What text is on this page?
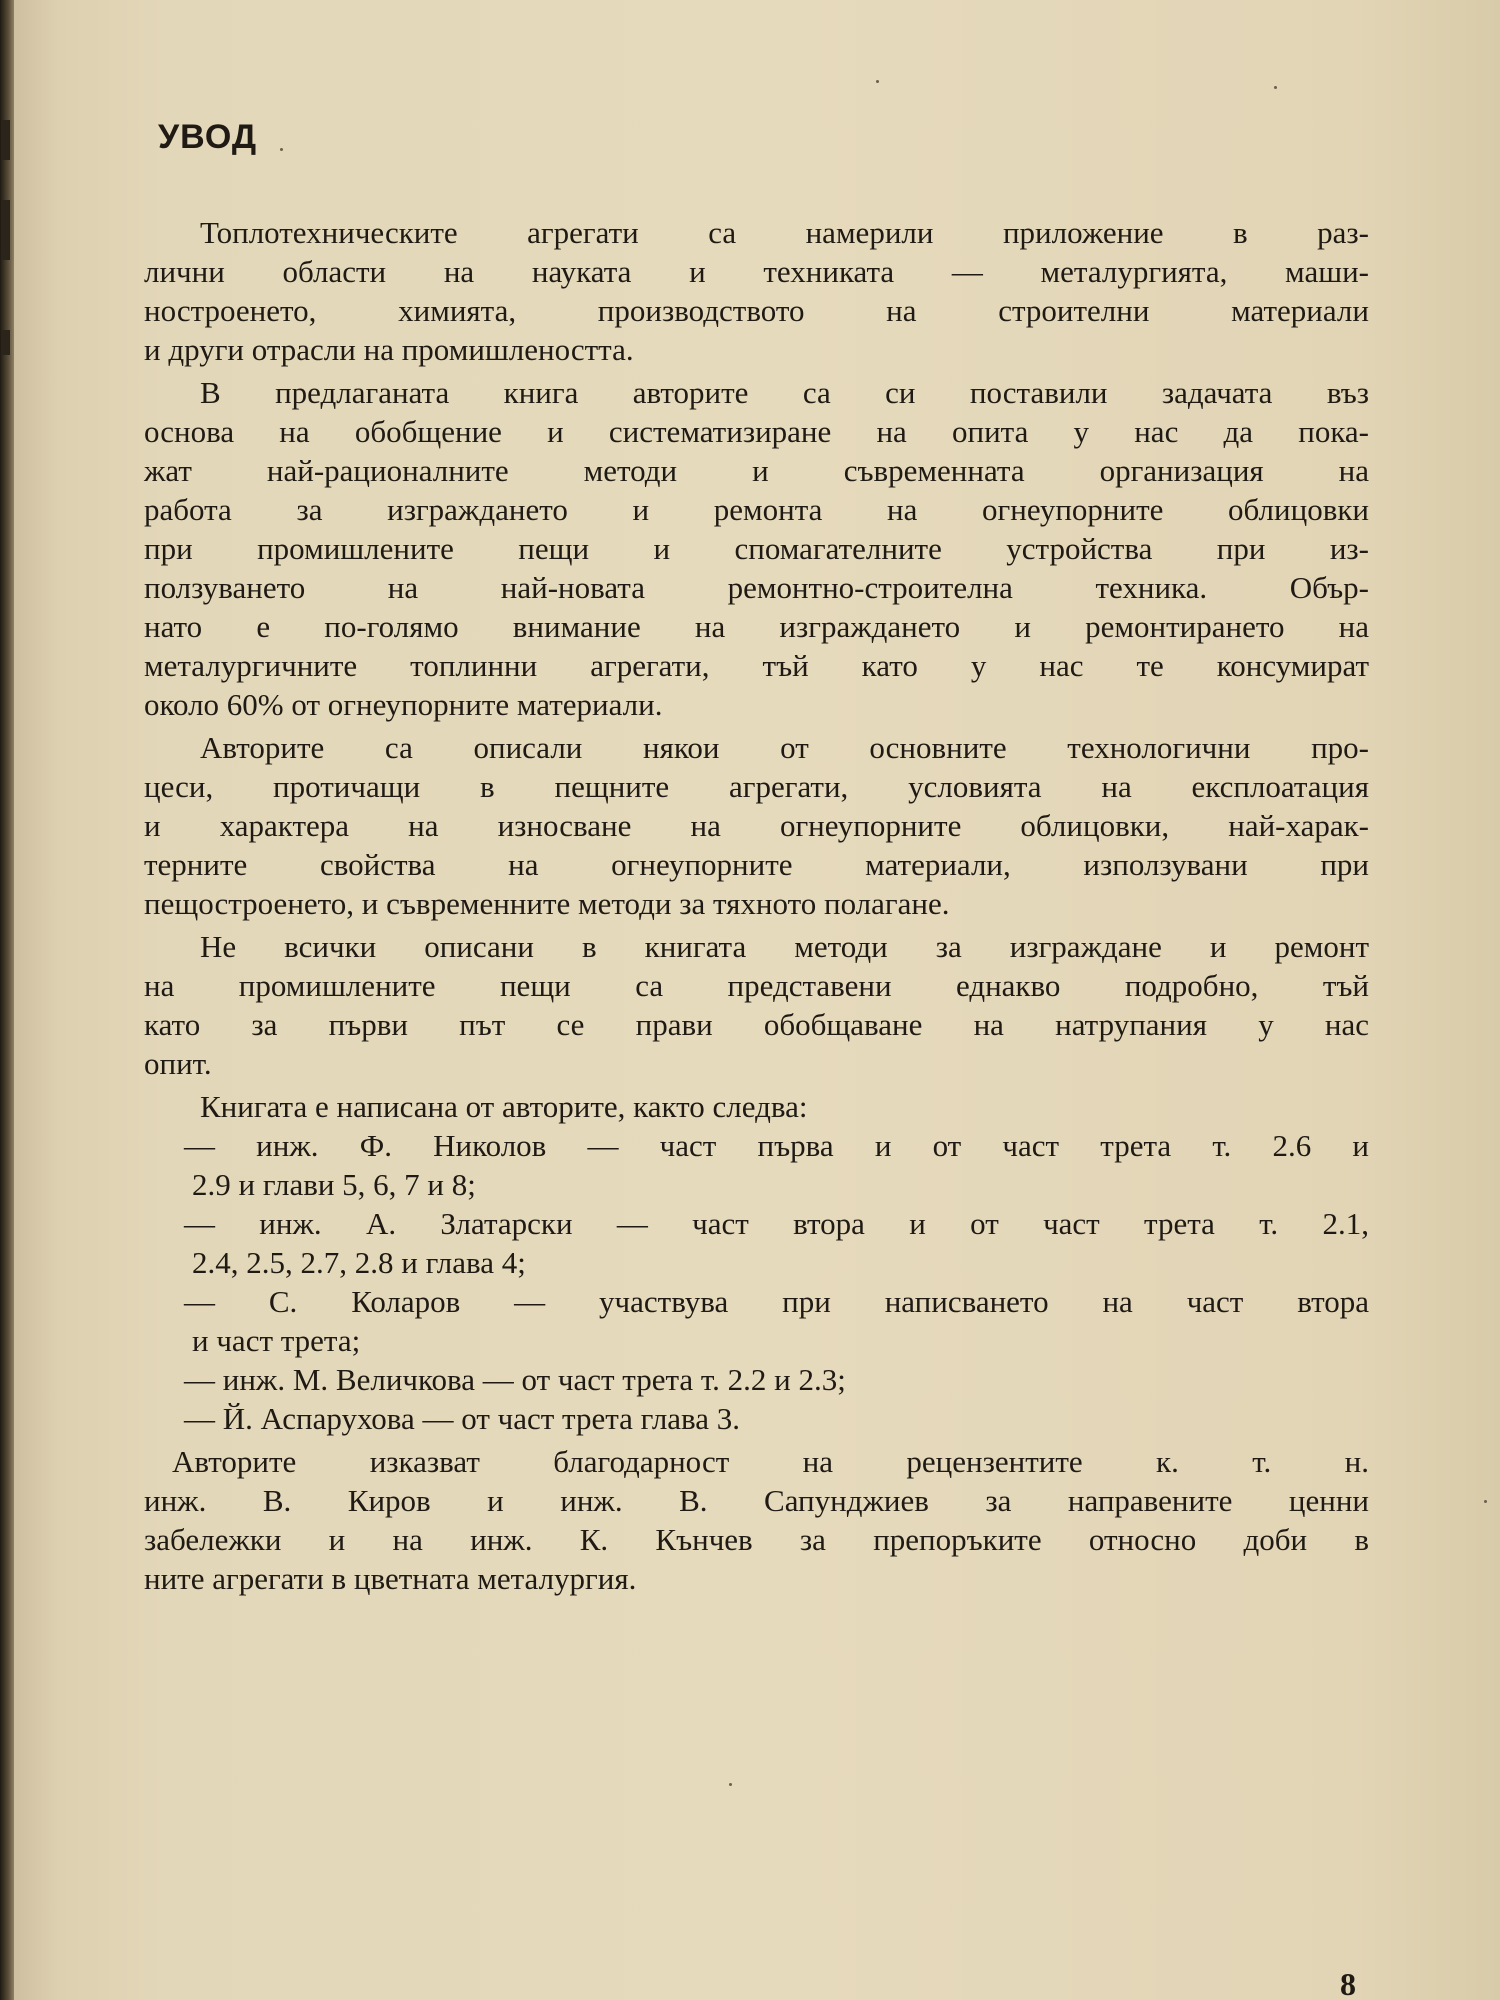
УВОД
Топлотехническите агрегати са намерили приложение в раз-
лични области на науката и техниката — металургията, маши-
ностроенето, химията, производството на строителни материали
и други отрасли на промишлеността.
В предлаганата книга авторите са си поставили задачата въз
основа на обобщение и систематизиране на опита у нас да пока-
жат най-рационалните методи и съвременната организация на
работа за изграждането и ремонта на огнеупорните облицовки
при промишлените пещи и спомагателните устройства при из-
ползуването на най-новата ремонтно-строителна техника. Обър-
нато е по-голямо внимание на изграждането и ремонтирането на
металургичните топлинни агрегати, тъй като у нас те консумират
около 60% от огнеупорните материали.
Авторите са описали някои от основните технологични про-
цеси, протичащи в пещните агрегати, условията на експлоатация
и характера на износване на огнеупорните облицовки, най-харак-
терните свойства на огнеупорните материали, използувани при
пещостроенето, и съвременните методи за тяхното полагане.
Не всички описани в книгата методи за изграждане и ремонт
на промишлените пещи са представени еднакво подробно, тъй
като за първи път се прави обобщаване на натрупания у нас
опит.
Книгата е написана от авторите, както следва:
— инж. Ф. Николов — част първа и от част трета т. 2.6 и
2.9 и глави 5, 6, 7 и 8;
— инж. А. Златарски — част втора и от част трета т. 2.1,
2.4, 2.5, 2.7, 2.8 и глава 4;
— С. Коларов — участвува при написването на част втора
и част трета;
— инж. М. Величкова — от част трета т. 2.2 и 2.3;
— Й. Аспарухова — от част трета глава 3.
Авторите изказват благодарност на рецензентите к. т. н.
инж. В. Киров и инж. В. Сапунджиев за направените ценни
забележки и на инж. К. Кънчев за препоръките относно доби в
ните агрегати в цветната металургия.
8
